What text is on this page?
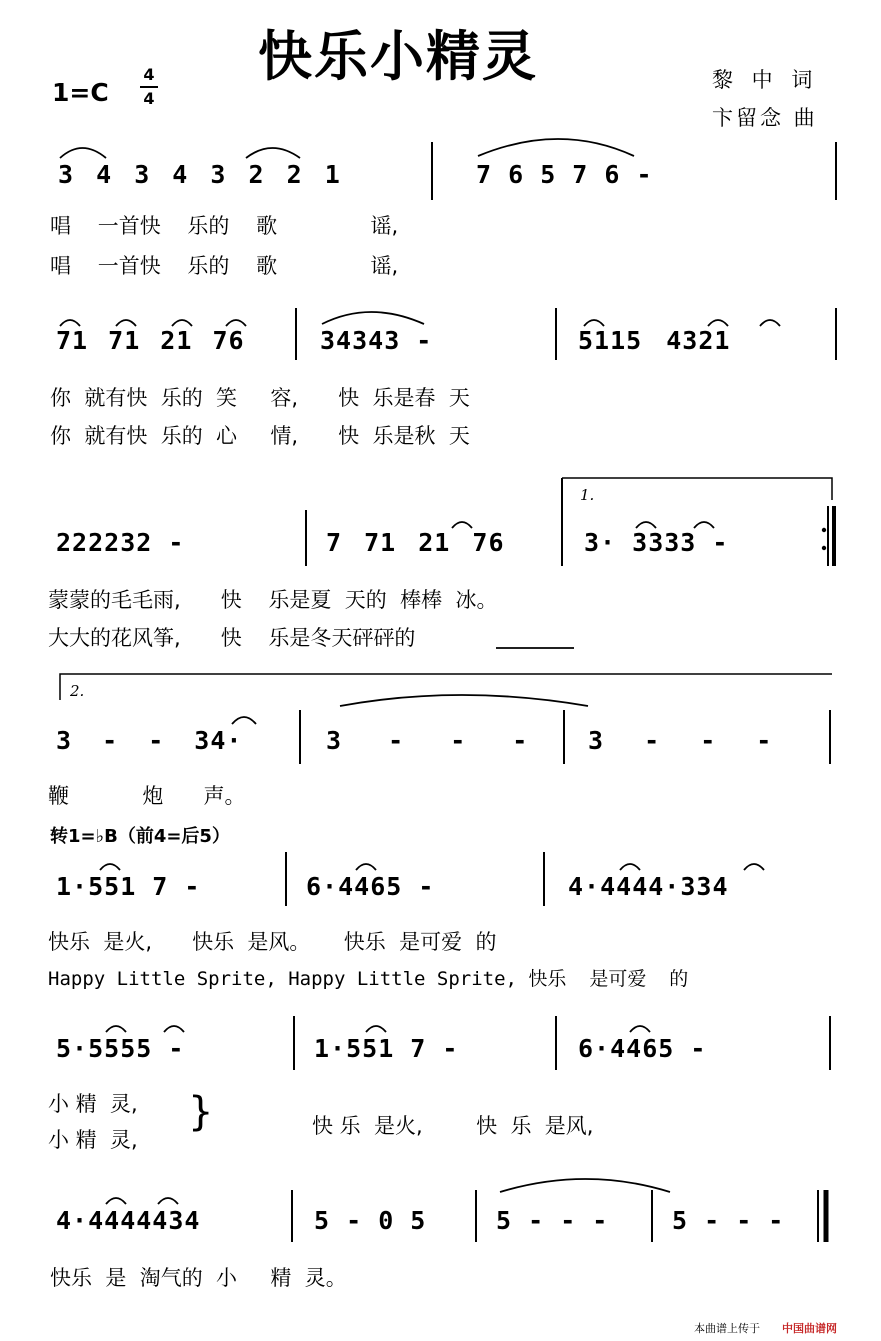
快乐小精灵
1=C
4
4
黎 中 词
卞留念 曲
3 4 3 4 3 2 2 1	7 6 5 7 6 -
唱    一首快    乐的    歌              谣,
唱    一首快    乐的    歌              谣,
71 71 21 76	34343 -	5115 4321
你  就有快  乐的  笑     容,      快  乐是春  天
你  就有快  乐的  心     情,      快  乐是秋  天
1.
222232 -	7 71 21 76	3· 3333 -
蒙蒙的毛毛雨,      快    乐是夏  天的  棒棒  冰。
大大的花风筝,      快    乐是冬天砰砰的
2.
3 - - 34·	3 - - - 3 - - -
鞭           炮      声。
转1=♭B（前4=后5）
1·551 7 -	6·4465 -	4·4444·334
快乐  是火,      快乐  是风。     快乐  是可爱  的
Happy Little Sprite, Happy Little Sprite, 快乐  是可爱  的
5·5555 -	1·551 7 -	6·4465 -
小 精  灵,
小 精  灵,
}	快 乐  是火,        快  乐  是风,
4·4444434	5 - 0 5	5 - - -	5 - - -
快乐  是  淘气的  小     精  灵。
本曲谱上传于 中国曲谱网
